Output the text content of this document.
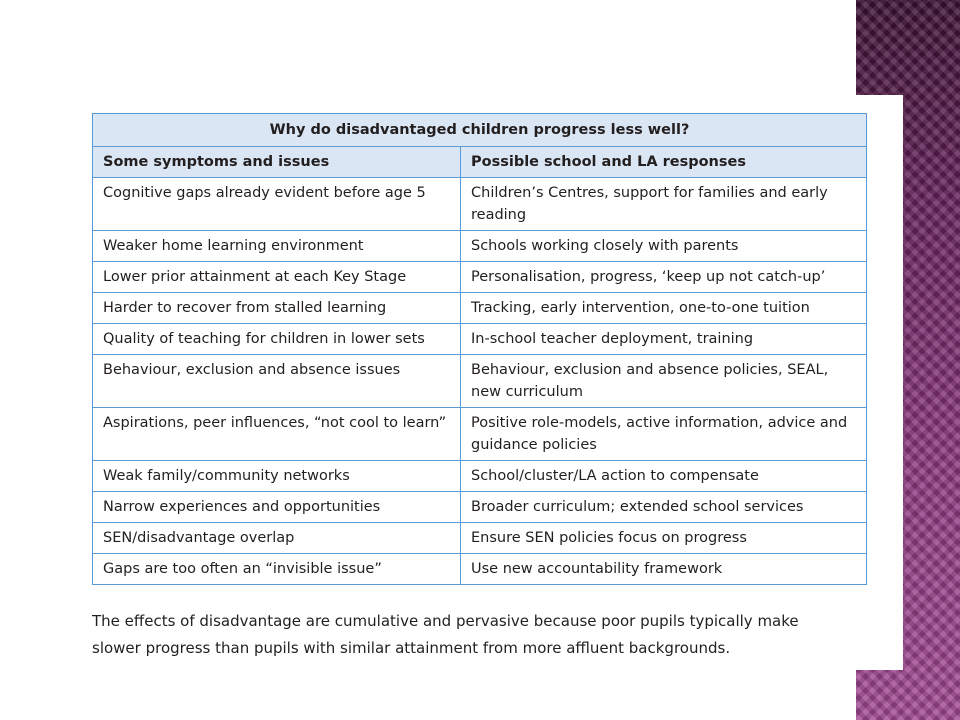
Why do disadvantaged children progress less well?	
Some symptoms and issues	Possible school and LA responses
Cognitive gaps already evident before age 5	Children’s Centres, support for families and early reading
Weaker home learning environment	Schools working closely with parents
Lower prior attainment at each Key Stage	Personalisation, progress, ‘keep up not catch-up’
Harder to recover from stalled learning	Tracking, early intervention, one-to-one tuition
Quality of teaching for children in lower sets	In-school teacher deployment, training
Behaviour, exclusion and absence issues	Behaviour, exclusion and absence policies, SEAL, new curriculum
Aspirations, peer influences, “not cool to learn”	Positive role-models, active information, advice and guidance policies
Weak family/community networks	School/cluster/LA action to compensate
Narrow experiences and opportunities	Broader curriculum; extended school services
SEN/disadvantage overlap	Ensure SEN policies focus on progress
Gaps are too often an “invisible issue”	Use new accountability framework

The effects of disadvantage are cumulative and pervasive because poor pupils typically make slower progress than pupils with similar attainment from more affluent backgrounds.
